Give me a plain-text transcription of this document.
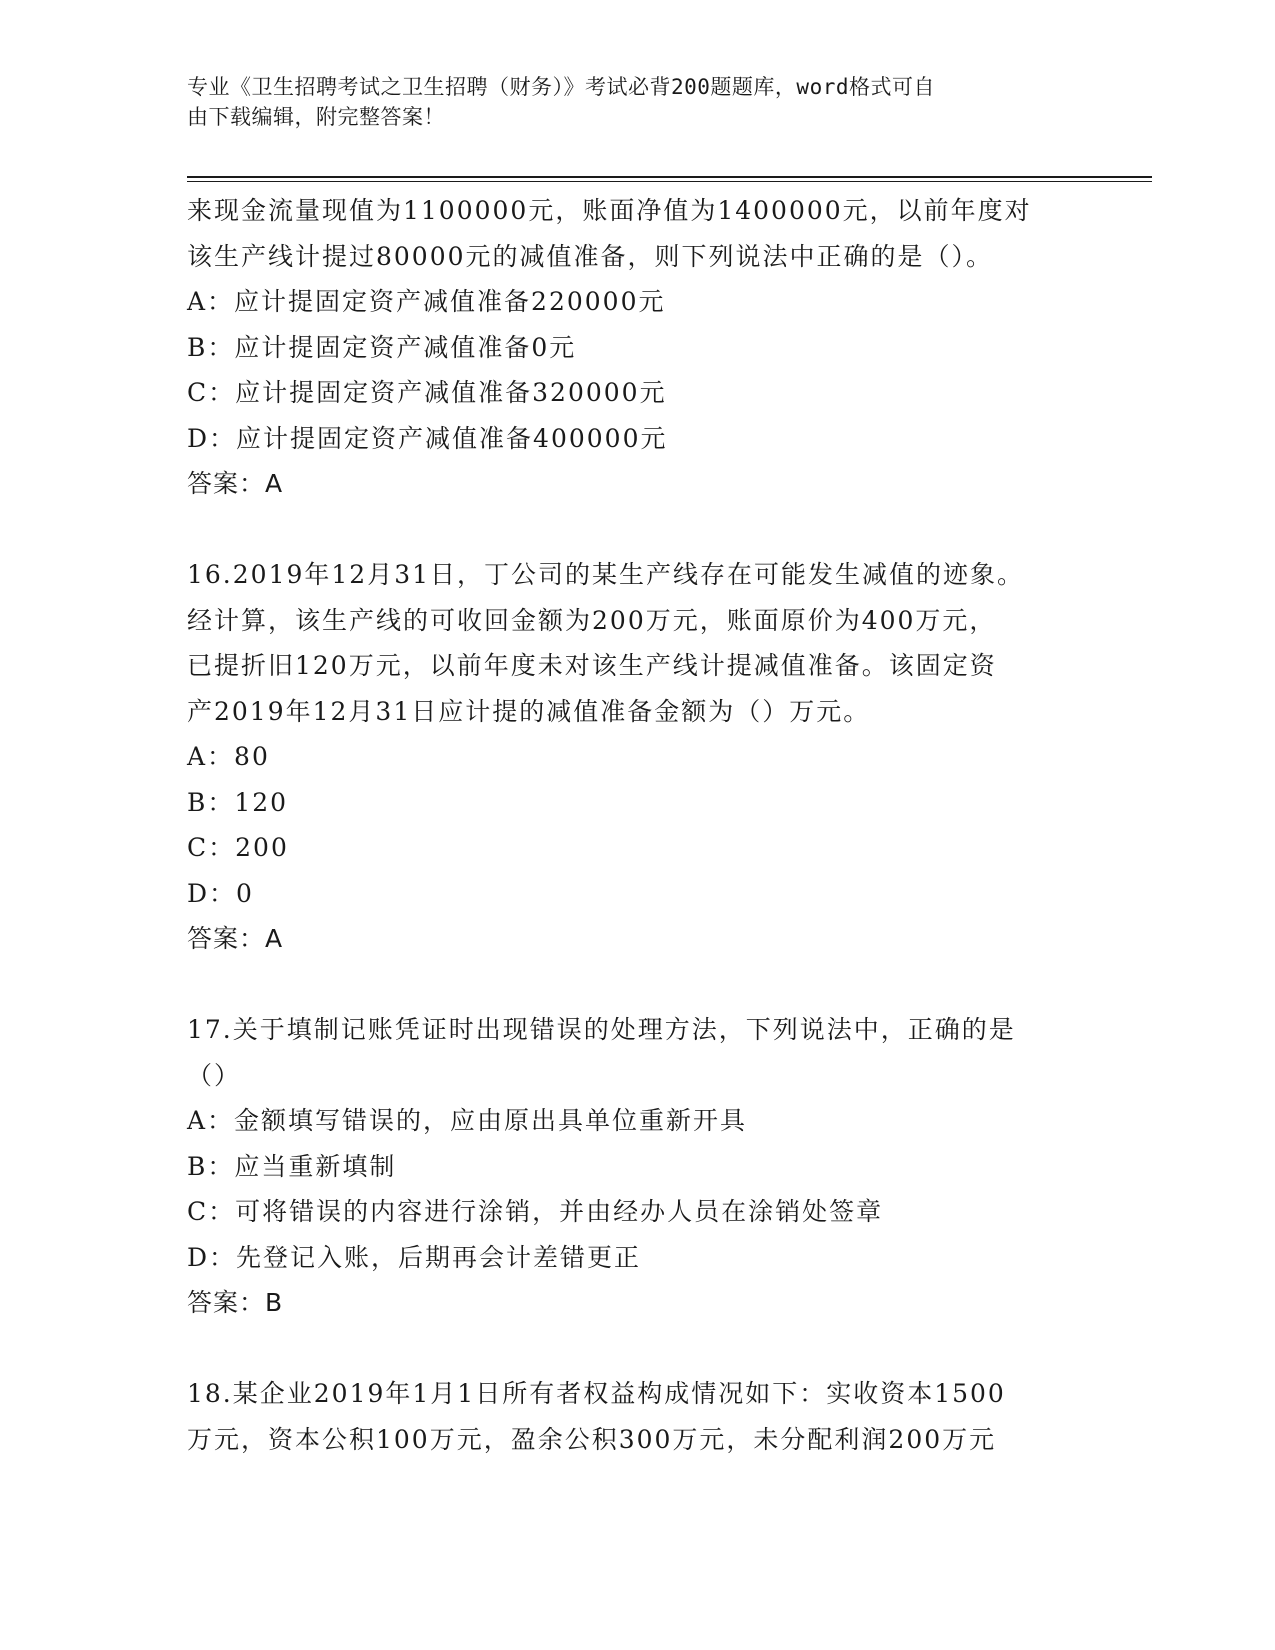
专业《卫生招聘考试之卫生招聘（财务）》考试必背200题题库，word格式可自
由下载编辑，附完整答案！
来现金流量现值为1100000元，账面净值为1400000元，以前年度对
该生产线计提过80000元的减值准备，则下列说法中正确的是（）。
A：应计提固定资产减值准备220000元
B：应计提固定资产减值准备0元
C：应计提固定资产减值准备320000元
D：应计提固定资产减值准备400000元
答案：A
16.2019年12月31日，丁公司的某生产线存在可能发生减值的迹象。
经计算，该生产线的可收回金额为200万元，账面原价为400万元，
已提折旧120万元，以前年度未对该生产线计提减值准备。该固定资
产2019年12月31日应计提的减值准备金额为（）万元。
A：80
B：120
C：200
D：0
答案：A
17.关于填制记账凭证时出现错误的处理方法，下列说法中，正确的是
（）
A：金额填写错误的，应由原出具单位重新开具
B：应当重新填制
C：可将错误的内容进行涂销，并由经办人员在涂销处签章
D：先登记入账，后期再会计差错更正
答案：B
18.某企业2019年1月1日所有者权益构成情况如下：实收资本1500
万元，资本公积100万元，盈余公积300万元，未分配利润200万元
